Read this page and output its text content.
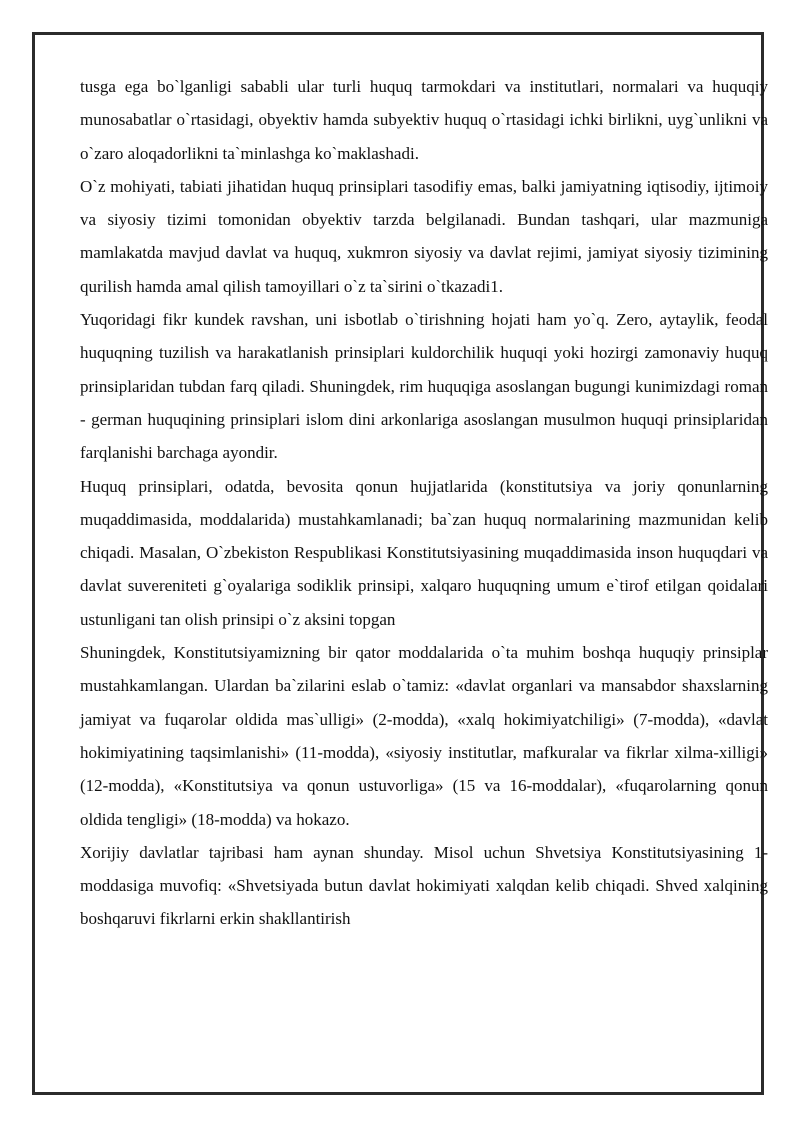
tusga ega bo`lganligi sababli ular turli huquq tarmokdari va institutlari, normalari va huquqiy munosabatlar o`rtasidagi, obyektiv hamda subyektiv huquq o`rtasidagi ichki birlikni, uyg`unlikni va o`zaro aloqadorlikni ta`minlashga ko`maklashadi.

O`z mohiyati, tabiati jihatidan huquq prinsiplari tasodifiy emas, balki jamiyatning iqtisodiy, ijtimoiy va siyosiy tizimi tomonidan obyektiv tarzda belgilanadi. Bundan tashqari, ular mazmuniga mamlakatda mavjud davlat va huquq, xukmron siyosiy va davlat rejimi, jamiyat siyosiy tizimining qurilish hamda amal qilish tamoyillari o`z ta`sirini o`tkazadi1.

Yuqoridagi fikr kundek ravshan, uni isbotlab o`tirishning hojati ham yo`q. Zero, aytaylik, feodal huquqning tuzilish va harakatlanish prinsiplari kuldorchilik huquqi yoki hozirgi zamonaviy huquq prinsiplaridan tubdan farq qiladi. Shuningdek, rim huquqiga asoslangan bugungi kunimizdagi roman - german huquqining prinsiplari islom dini arkonlariga asoslangan musulmon huquqi prinsiplaridan farqlanishi barchaga ayondir.

Huquq prinsiplari, odatda, bevosita qonun hujjatlarida (konstitutsiya va joriy qonunlarning muqaddimasida, moddalarida) mustahkamlanadi; ba`zan huquq normalarining mazmunidan kelib chiqadi. Masalan, O`zbekiston Respublikasi Konstitutsiyasining muqaddimasida inson huquqdari va davlat suvereniteti g`oyalariga sodiklik prinsipi, xalqaro huquqning umum e`tirof etilgan qoidalari ustunligani tan olish prinsipi o`z aksini topgan

Shuningdek, Konstitutsiyamizning bir qator moddalarida o`ta muhim boshqa huquqiy prinsiplar mustahkamlangan. Ulardan ba`zilarini eslab o`tamiz: «davlat organlari va mansabdor shaxslarning jamiyat va fuqarolar oldida mas`ulligi» (2-modda), «xalq hokimiyatchiligi» (7-modda), «davlat hokimiyatining taqsimlanishi» (11-modda), «siyosiy institutlar, mafkuralar va fikrlar xilma-xilligi» (12-modda), «Konstitutsiya va qonun ustuvorliga» (15 va 16-moddalar), «fuqarolarning qonun oldida tengligi» (18-modda) va hokazo.

Xorijiy davlatlar tajribasi ham aynan shunday. Misol uchun Shvetsiya Konstitutsiyasining 1-moddasiga muvofiq: «Shvetsiyada butun davlat hokimiyati xalqdan kelib chiqadi. Shved xalqining boshqaruvi fikrlarni erkin shakllantirish
